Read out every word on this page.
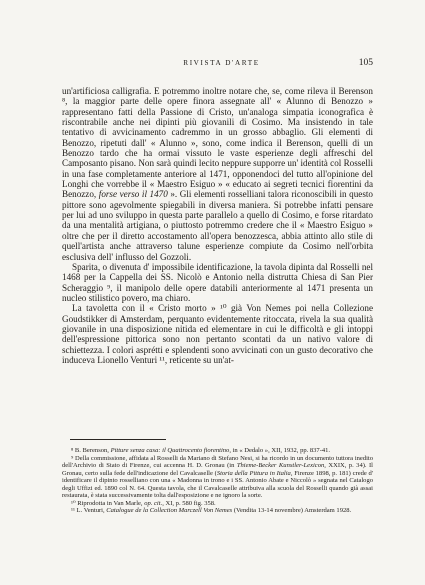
RIVISTA D'ARTE	105

un'artificiosa calligrafia. E potremmo inoltre notare che, se, come rileva il Berenson ⁸, la maggior parte delle opere finora assegnate all' « Alunno di Benozzo » rappresentano fatti della Passione di Cristo, un'analoga simpatia iconografica è riscontrabile anche nei dipinti più giovanili di Cosimo. Ma insistendo in tale tentativo di avvicinamento cadremmo in un grosso abbaglio. Gli elementi di Benozzo, ripetuti dall' « Alunno », sono, come indica il Berenson, quelli di un Benozzo tardo che ha ormai vissuto le vaste esperienze degli affreschi del Camposanto pisano. Non sarà quindi lecito neppure supporre un' identità col Rosselli in una fase completamente anteriore al 1471, opponendoci del tutto all'opinione del Longhi che vorrebbe il « Maestro Esiguo » « educato ai segreti tecnici fiorentini da Benozzo, forse verso il 1470 ». Gli elementi rosselliani talora riconoscibili in questo pittore sono agevolmente spiegabili in diversa maniera. Si potrebbe infatti pensare per lui ad uno sviluppo in questa parte parallelo a quello di Cosimo, e forse ritardato da una mentalità artigiana, o piuttosto potremmo credere che il « Maestro Esiguo » oltre che per il diretto accostamento all'opera benozzesca, abbia attinto allo stile di quell'artista anche attraverso talune esperienze compiute da Cosimo nell'orbita esclusiva dell' influsso del Gozzoli.

Sparita, o divenuta d' impossibile identificazione, la tavola dipinta dal Rosselli nel 1468 per la Cappella dei SS. Nicolò e Antonio nella distrutta Chiesa di San Pier Scheraggio ⁹, il manipolo delle opere databili anteriormente al 1471 presenta un nucleo stilistico povero, ma chiaro.

La tavoletta con il « Cristo morto » ¹⁰ già Von Nemes poi nella Collezione Goudstikker di Amsterdam, perquanto evidentemente ritoccata, rivela la sua qualità giovanile in una disposizione nitida ed elementare in cui le difficoltà e gli intoppi dell'espressione pittorica sono non pertanto scontati da un nativo valore di schiettezza. I colori asprétti e splendenti sono avvicinati con un gusto decorativo che induceva Lionello Venturi ¹¹, reticente su un'at-

⁸ B. Berenson, Pitture senza casa: il Quattrocento fiorentino, in « Dedalo », XII, 1932, pp. 837-41.

⁹ Della commissione, affidata al Rosselli da Mariano di Stefano Nesi, si ha ricordo in un documento tuttora inedito dell'Archivio di Stato di Firenze, cui accenna H. D. Gronau (in Thieme-Becker Kunstler-Lexicon, XXIX, p. 34). Il Gronau, certo sulla fede dell'indicazione del Cavalcaselle (Storia della Pittura in Italia, Firenze 1898, p. 181) crede d' identificare il dipinto rosselliano con una « Madonna in trono e i SS. Antonio Abate e Niccolò » segnata nel Catalogo degli Uffizi ed. 1890 col N. 64. Questa tavola, che il Cavalcaselle attribuiva alla scuola del Rosselli quando già assai restaurata, è stata successivamente tolta dall'esposizione e ne ignoro la sorte.

¹⁰ Riprodotta in Van Marle, op. cit., XI, p. 580 fig. 358.

¹¹ L. Venturi, Catalogue de la Collection Marczell Von Nemes (Vendita 13-14 novembre) Amsterdam 1928.
